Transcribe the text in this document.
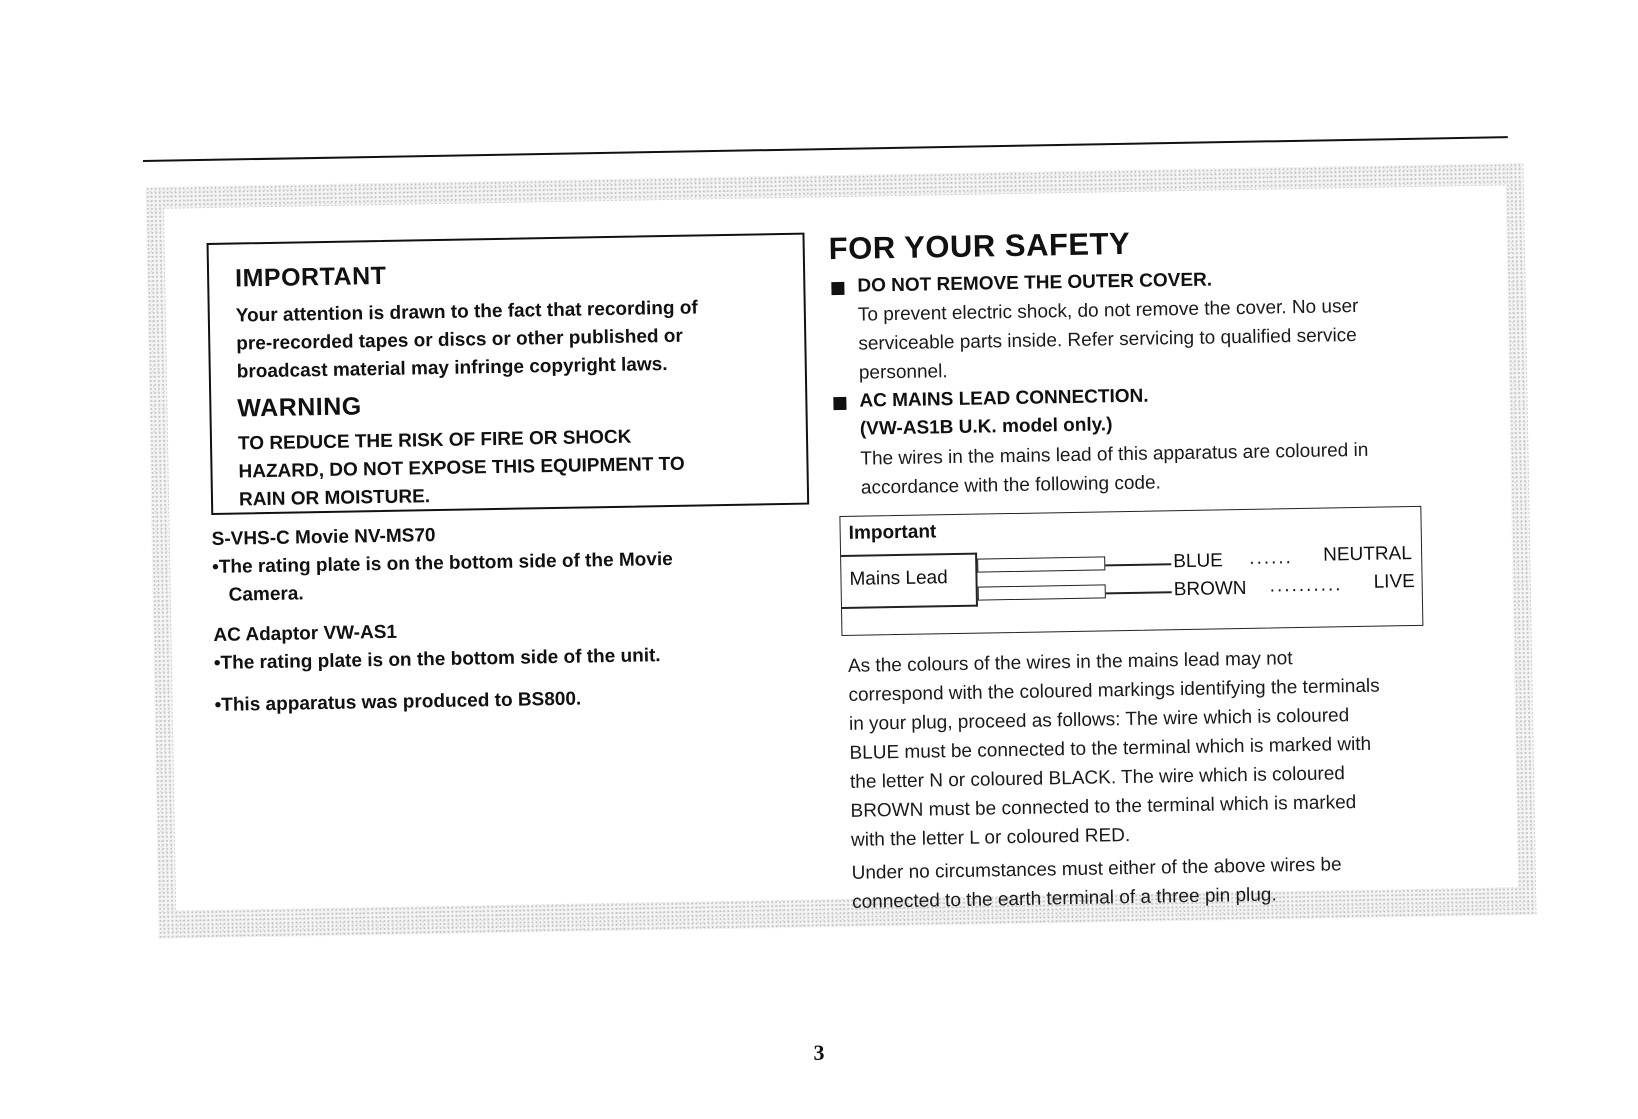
IMPORTANT
Your attention is drawn to the fact that recording of
pre-recorded tapes or discs or other published or
broadcast material may infringe copyright laws.
WARNING
TO REDUCE THE RISK OF FIRE OR SHOCK
HAZARD, DO NOT EXPOSE THIS EQUIPMENT TO
RAIN OR MOISTURE.
S-VHS-C Movie NV-MS70
•The rating plate is on the bottom side of the Movie
Camera.
AC Adaptor VW-AS1
•The rating plate is on the bottom side of the unit.
•This apparatus was produced to BS800.
FOR YOUR SAFETY
DO NOT REMOVE THE OUTER COVER.
To prevent electric shock, do not remove the cover. No user
serviceable parts inside. Refer servicing to qualified service
personnel.
AC MAINS LEAD CONNECTION.
(VW-AS1B U.K. model only.)
The wires in the mains lead of this apparatus are coloured in
accordance with the following code.
Important
Mains Lead
BLUE ...... NEUTRAL
BROWN .......... LIVE
As the colours of the wires in the mains lead may not
correspond with the coloured markings identifying the terminals
in your plug, proceed as follows: The wire which is coloured
BLUE must be connected to the terminal which is marked with
the letter N or coloured BLACK. The wire which is coloured
BROWN must be connected to the terminal which is marked
with the letter L or coloured RED.
Under no circumstances must either of the above wires be
connected to the earth terminal of a three pin plug.
3
